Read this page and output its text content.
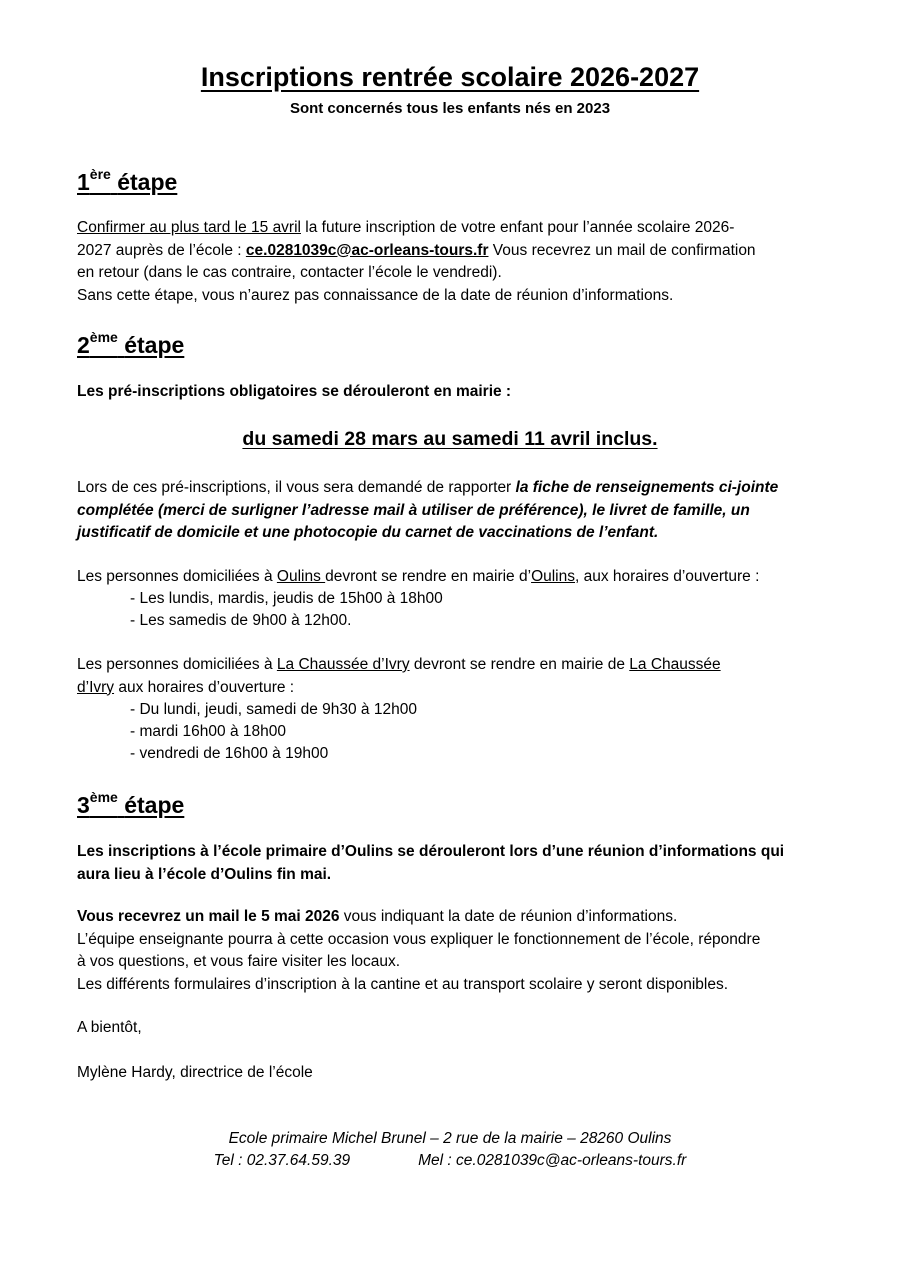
Inscriptions rentrée scolaire 2026-2027
Sont concernés tous les enfants nés en 2023
1ère étape
Confirmer au plus tard le 15 avril la future inscription de votre enfant pour l’année scolaire 2026-
2027 auprès de l’école : ce.0281039c@ac-orleans-tours.fr Vous recevrez un mail de confirmation
en retour (dans le cas contraire, contacter l’école le vendredi).
Sans cette étape, vous n’aurez pas connaissance de la date de réunion d’informations.
2ème étape
Les pré-inscriptions obligatoires se dérouleront en mairie :
du samedi 28 mars au samedi 11 avril inclus.
Lors de ces pré-inscriptions, il vous sera demandé de rapporter la fiche de renseignements ci-jointe
complétée (merci de surligner l’adresse mail à utiliser de préférence), le livret de famille, un
justificatif de domicile et une photocopie du carnet de vaccinations de l’enfant.
Les personnes domiciliées à Oulins devront se rendre en mairie d’Oulins, aux horaires d’ouverture :
- Les lundis, mardis, jeudis de 15h00 à 18h00
- Les samedis de 9h00 à 12h00.
Les personnes domiciliées à La Chaussée d’Ivry devront se rendre en mairie de La Chaussée
d’Ivry aux horaires d’ouverture :
- Du lundi, jeudi, samedi de 9h30 à 12h00
- mardi 16h00 à 18h00
- vendredi de 16h00 à 19h00
3ème étape
Les inscriptions à l’école primaire d’Oulins se dérouleront lors d’une réunion d’informations qui
aura lieu à l’école d’Oulins fin mai.
Vous recevrez un mail le 5 mai 2026 vous indiquant la date de réunion d’informations.
L’équipe enseignante pourra à cette occasion vous expliquer le fonctionnement de l’école, répondre
à vos questions, et vous faire visiter les locaux.
Les différents formulaires d’inscription à la cantine et au transport scolaire y seront disponibles.
A bientôt,
Mylène Hardy, directrice de l’école
Ecole primaire Michel Brunel – 2 rue de la mairie – 28260 Oulins
Tel : 02.37.64.59.39	Mel : ce.0281039c@ac-orleans-tours.fr
